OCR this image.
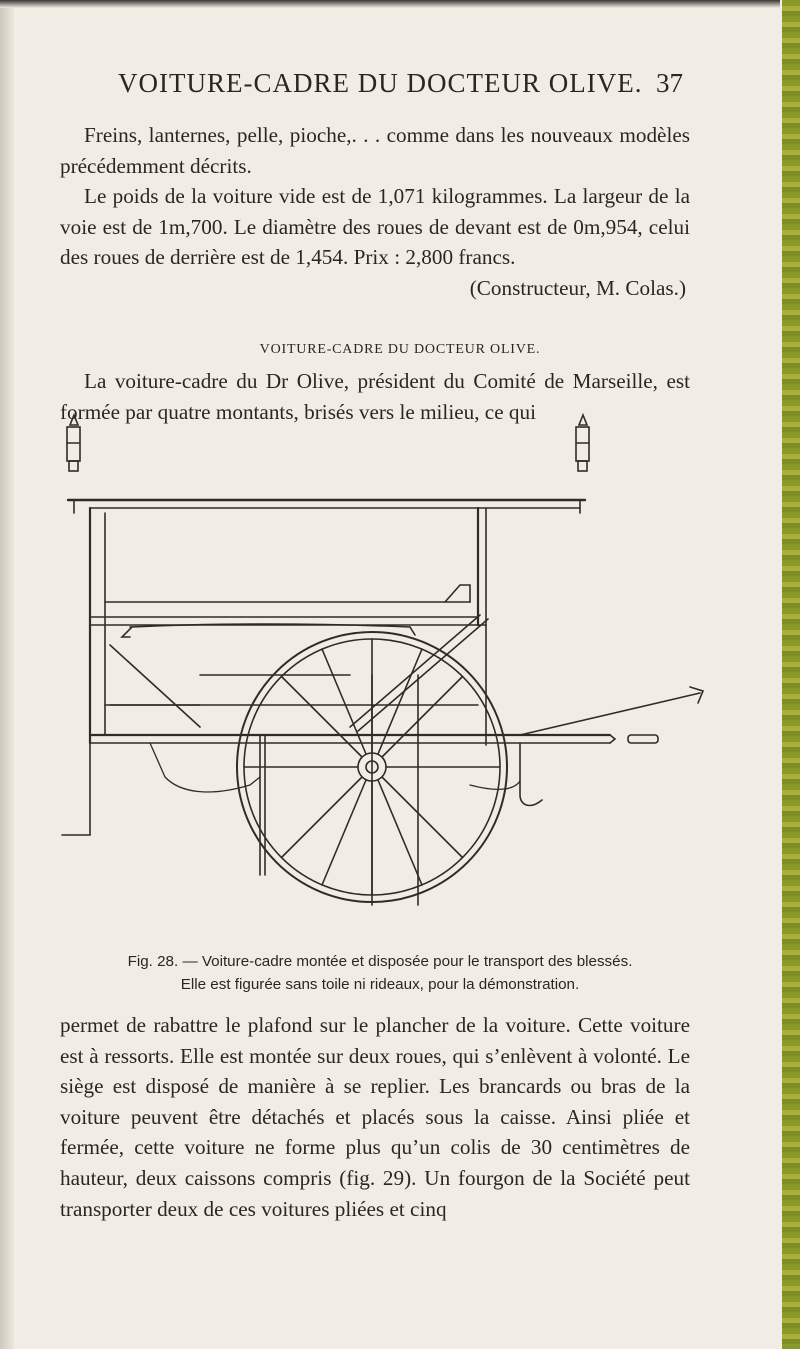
VOITURE-CADRE DU DOCTEUR OLIVE. 37

Freins, lanternes, pelle, pioche,. . . comme dans les nouveaux modèles précédemment décrits.

Le poids de la voiture vide est de 1,071 kilogrammes. La largeur de la voie est de 1m,700. Le diamètre des roues de devant est de 0m,954, celui des roues de derrière est de 1,454. Prix : 2,800 francs.

(Constructeur, M. Colas.)

VOITURE-CADRE DU DOCTEUR OLIVE.

La voiture-cadre du Dr Olive, président du Comité de Marseille, est formée par quatre montants, brisés vers le milieu, ce qui

Fig. 28. — Voiture-cadre montée et disposée pour le transport des blessés.

Elle est figurée sans toile ni rideaux, pour la démonstration.

permet de rabattre le plafond sur le plancher de la voiture. Cette voiture est à ressorts. Elle est montée sur deux roues, qui s’enlèvent à volonté. Le siège est disposé de manière à se replier. Les brancards ou bras de la voiture peuvent être détachés et placés sous la caisse. Ainsi pliée et fermée, cette voiture ne forme plus qu’un colis de 30 centimètres de hauteur, deux caissons compris (fig. 29). Un fourgon de la Société peut transporter deux de ces voitures pliées et cinq
